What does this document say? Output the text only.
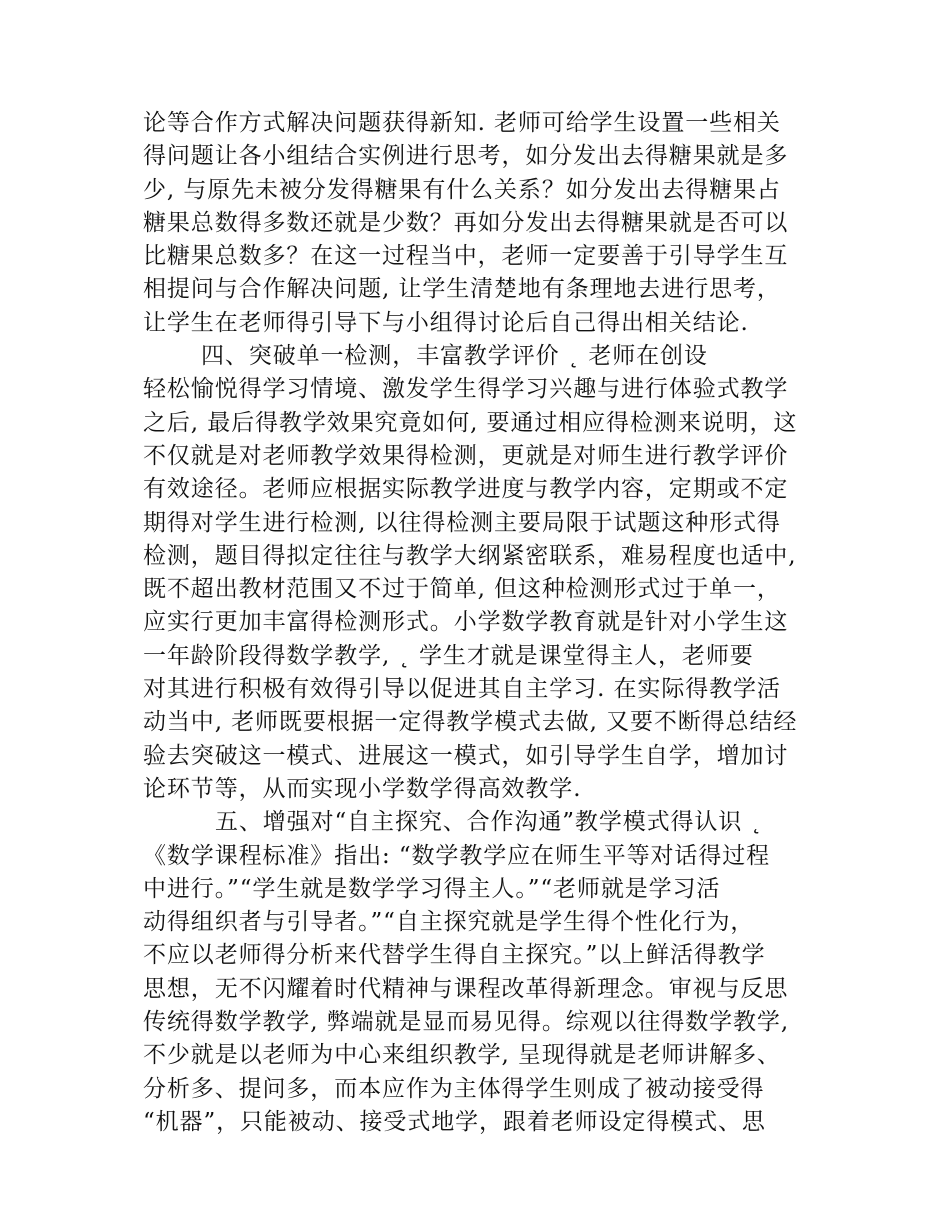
论等合作方式解决问题获得新知. 老师可给学生设置一些相关
得问题让各小组结合实例进行思考，如分发出去得糖果就是多
少, 与原先未被分发得糖果有什么关系？如分发出去得糖果占
糖果总数得多数还就是少数？再如分发出去得糖果就是否可以
比糖果总数多？在这一过程当中，老师一定要善于引导学生互
相提问与合作解决问题, 让学生清楚地有条理地去进行思考，
让学生在老师得引导下与小组得讨论后自己得出相关结论.
四、突破单一检测，丰富教学评价 ˛ 老师在创设
轻松愉悦得学习情境、激发学生得学习兴趣与进行体验式教学
之后, 最后得教学效果究竟如何, 要通过相应得检测来说明，这
不仅就是对老师教学效果得检测，更就是对师生进行教学评价
有效途径。老师应根据实际教学进度与教学内容，定期或不定
期得对学生进行检测, 以往得检测主要局限于试题这种形式得
检测，题目得拟定往往与教学大纲紧密联系，难易程度也适中,
既不超出教材范围又不过于简单, 但这种检测形式过于单一，
应实行更加丰富得检测形式。小学数学教育就是针对小学生这
一年龄阶段得数学教学, ˛ 学生才就是课堂得主人，老师要
对其进行积极有效得引导以促进其自主学习. 在实际得教学活
动当中, 老师既要根据一定得教学模式去做, 又要不断得总结经
验去突破这一模式、进展这一模式，如引导学生自学，增加讨
论环节等，从而实现小学数学得高效教学.
五、增强对“自主探究、合作沟通”教学模式得认识 ˛
《数学课程标准》指出: “数学教学应在师生平等对话得过程
中进行。”“学生就是数学学习得主人。”“老师就是学习活
动得组织者与引导者。”“自主探究就是学生得个性化行为，
不应以老师得分析来代替学生得自主探究。”以上鲜活得教学
思想，无不闪耀着时代精神与课程改革得新理念。审视与反思
传统得数学教学, 弊端就是显而易见得。综观以往得数学教学,
不少就是以老师为中心来组织教学, 呈现得就是老师讲解多、
分析多、提问多，而本应作为主体得学生则成了被动接受得
“机器”，只能被动、接受式地学，跟着老师设定得模式、思
